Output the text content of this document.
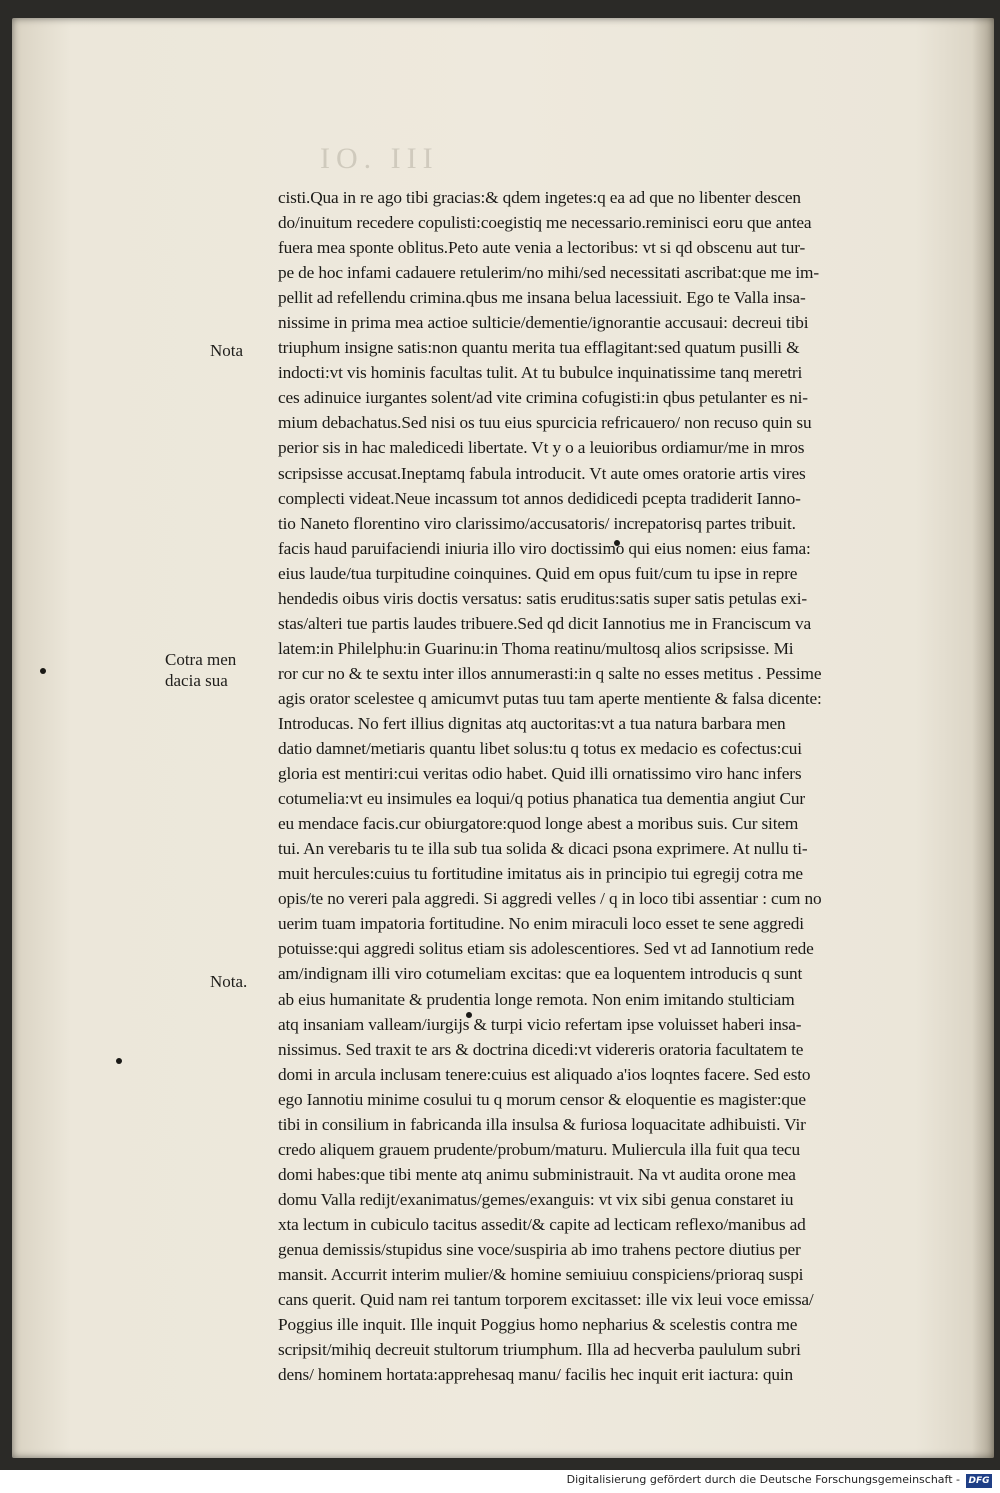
IO. III
Nota
Cotra men
dacia sua
Nota.
cisti.Qua in re ago tibi gracias:& qdem ingetes:q ea ad que no libenter descen
do/inuitum recedere copulisti:coegistiq me necessario.reminisci eoru que antea
fuera mea sponte oblitus.Peto aute venia a lectoribus: vt si qd obscenu aut tur-
pe de hoc infami cadauere retulerim/no mihi/sed necessitati ascribat:que me im-
pellit ad refellendu crimina.qbus me insana belua lacessiuit. Ego te Valla insa-
nissime in prima mea actioe sulticie/dementie/ignorantie accusaui: decreui tibi
triuphum insigne satis:non quantu merita tua efflagitant:sed quatum pusilli &
indocti:vt vis hominis facultas tulit. At tu bubulce inquinatissime tanq meretri
ces adinuice iurgantes solent/ad vite crimina cofugisti:in qbus petulanter es ni-
mium debachatus.Sed nisi os tuu eius spurcicia refricauero/ non recuso quin su
perior sis in hac maledicedi libertate. Vt y o a leuioribus ordiamur/me in mros
scripsisse accusat.Ineptamq fabula introducit. Vt aute omes oratorie artis vires
complecti videat.Neue incassum tot annos dedidicedi pcepta tradiderit Ianno-
tio Naneto florentino viro clarissimo/accusatoris/ increpatorisq partes tribuit.
facis haud paruifaciendi iniuria illo viro doctissimo qui eius nomen: eius fama:
eius laude/tua turpitudine coinquines. Quid em opus fuit/cum tu ipse in repre
hendedis oibus viris doctis versatus: satis eruditus:satis super satis petulas exi-
stas/alteri tue partis laudes tribuere.Sed qd dicit Iannotius me in Franciscum va
latem:in Philelphu:in Guarinu:in Thoma reatinu/multosq alios scripsisse. Mi
ror cur no & te sextu inter illos annumerasti:in q salte no esses metitus . Pessime
agis orator scelestee q amicumvt putas tuu tam aperte mentiente & falsa dicente:
Introducas. No fert illius dignitas atq auctoritas:vt a tua natura barbara men
datio damnet/metiaris quantu libet solus:tu q totus ex medacio es cofectus:cui
gloria est mentiri:cui veritas odio habet. Quid illi ornatissimo viro hanc infers
cotumelia:vt eu insimules ea loqui/q potius phanatica tua dementia angiut Cur
eu mendace facis.cur obiurgatore:quod longe abest a moribus suis. Cur sitem
tui. An verebaris tu te illa sub tua solida & dicaci psona exprimere. At nullu ti-
muit hercules:cuius tu fortitudine imitatus ais in principio tui egregij cotra me
opis/te no vereri pala aggredi. Si aggredi velles / q in loco tibi assentiar : cum no
uerim tuam impatoria fortitudine. No enim miraculi loco esset te sene aggredi
potuisse:qui aggredi solitus etiam sis adolescentiores. Sed vt ad Iannotium rede
am/indignam illi viro cotumeliam excitas: que ea loquentem introducis q sunt
ab eius humanitate & prudentia longe remota. Non enim imitando stulticiam
atq insaniam valleam/iurgijs & turpi vicio refertam ipse voluisset haberi insa-
nissimus. Sed traxit te ars & doctrina dicedi:vt videreris oratoria facultatem te
domi in arcula inclusam tenere:cuius est aliquado a'ios loqntes facere. Sed esto
ego Iannotiu minime cosului tu q morum censor & eloquentie es magister:que
tibi in consilium in fabricanda illa insulsa & furiosa loquacitate adhibuisti. Vir
credo aliquem grauem prudente/probum/maturu. Muliercula illa fuit qua tecu
domi habes:que tibi mente atq animu subministrauit. Na vt audita orone mea
domu Valla redijt/exanimatus/gemes/exanguis: vt vix sibi genua constaret iu
xta lectum in cubiculo tacitus assedit/& capite ad lecticam reflexo/manibus ad
genua demissis/stupidus sine voce/suspiria ab imo trahens pectore diutius per
mansit. Accurrit interim mulier/& homine semiuiuu conspiciens/prioraq suspi
cans querit. Quid nam rei tantum torporem excitasset: ille vix leui voce emissa/
Poggius ille inquit. Ille inquit Poggius homo nepharius & scelestis contra me
scripsit/mihiq decreuit stultorum triumphum. Illa ad hecverba paululum subri
dens/ hominem hortata:apprehesaq manu/ facilis hec inquit erit iactura: quin
Digitalisierung gefördert durch die Deutsche Forschungsgemeinschaft - DFG
